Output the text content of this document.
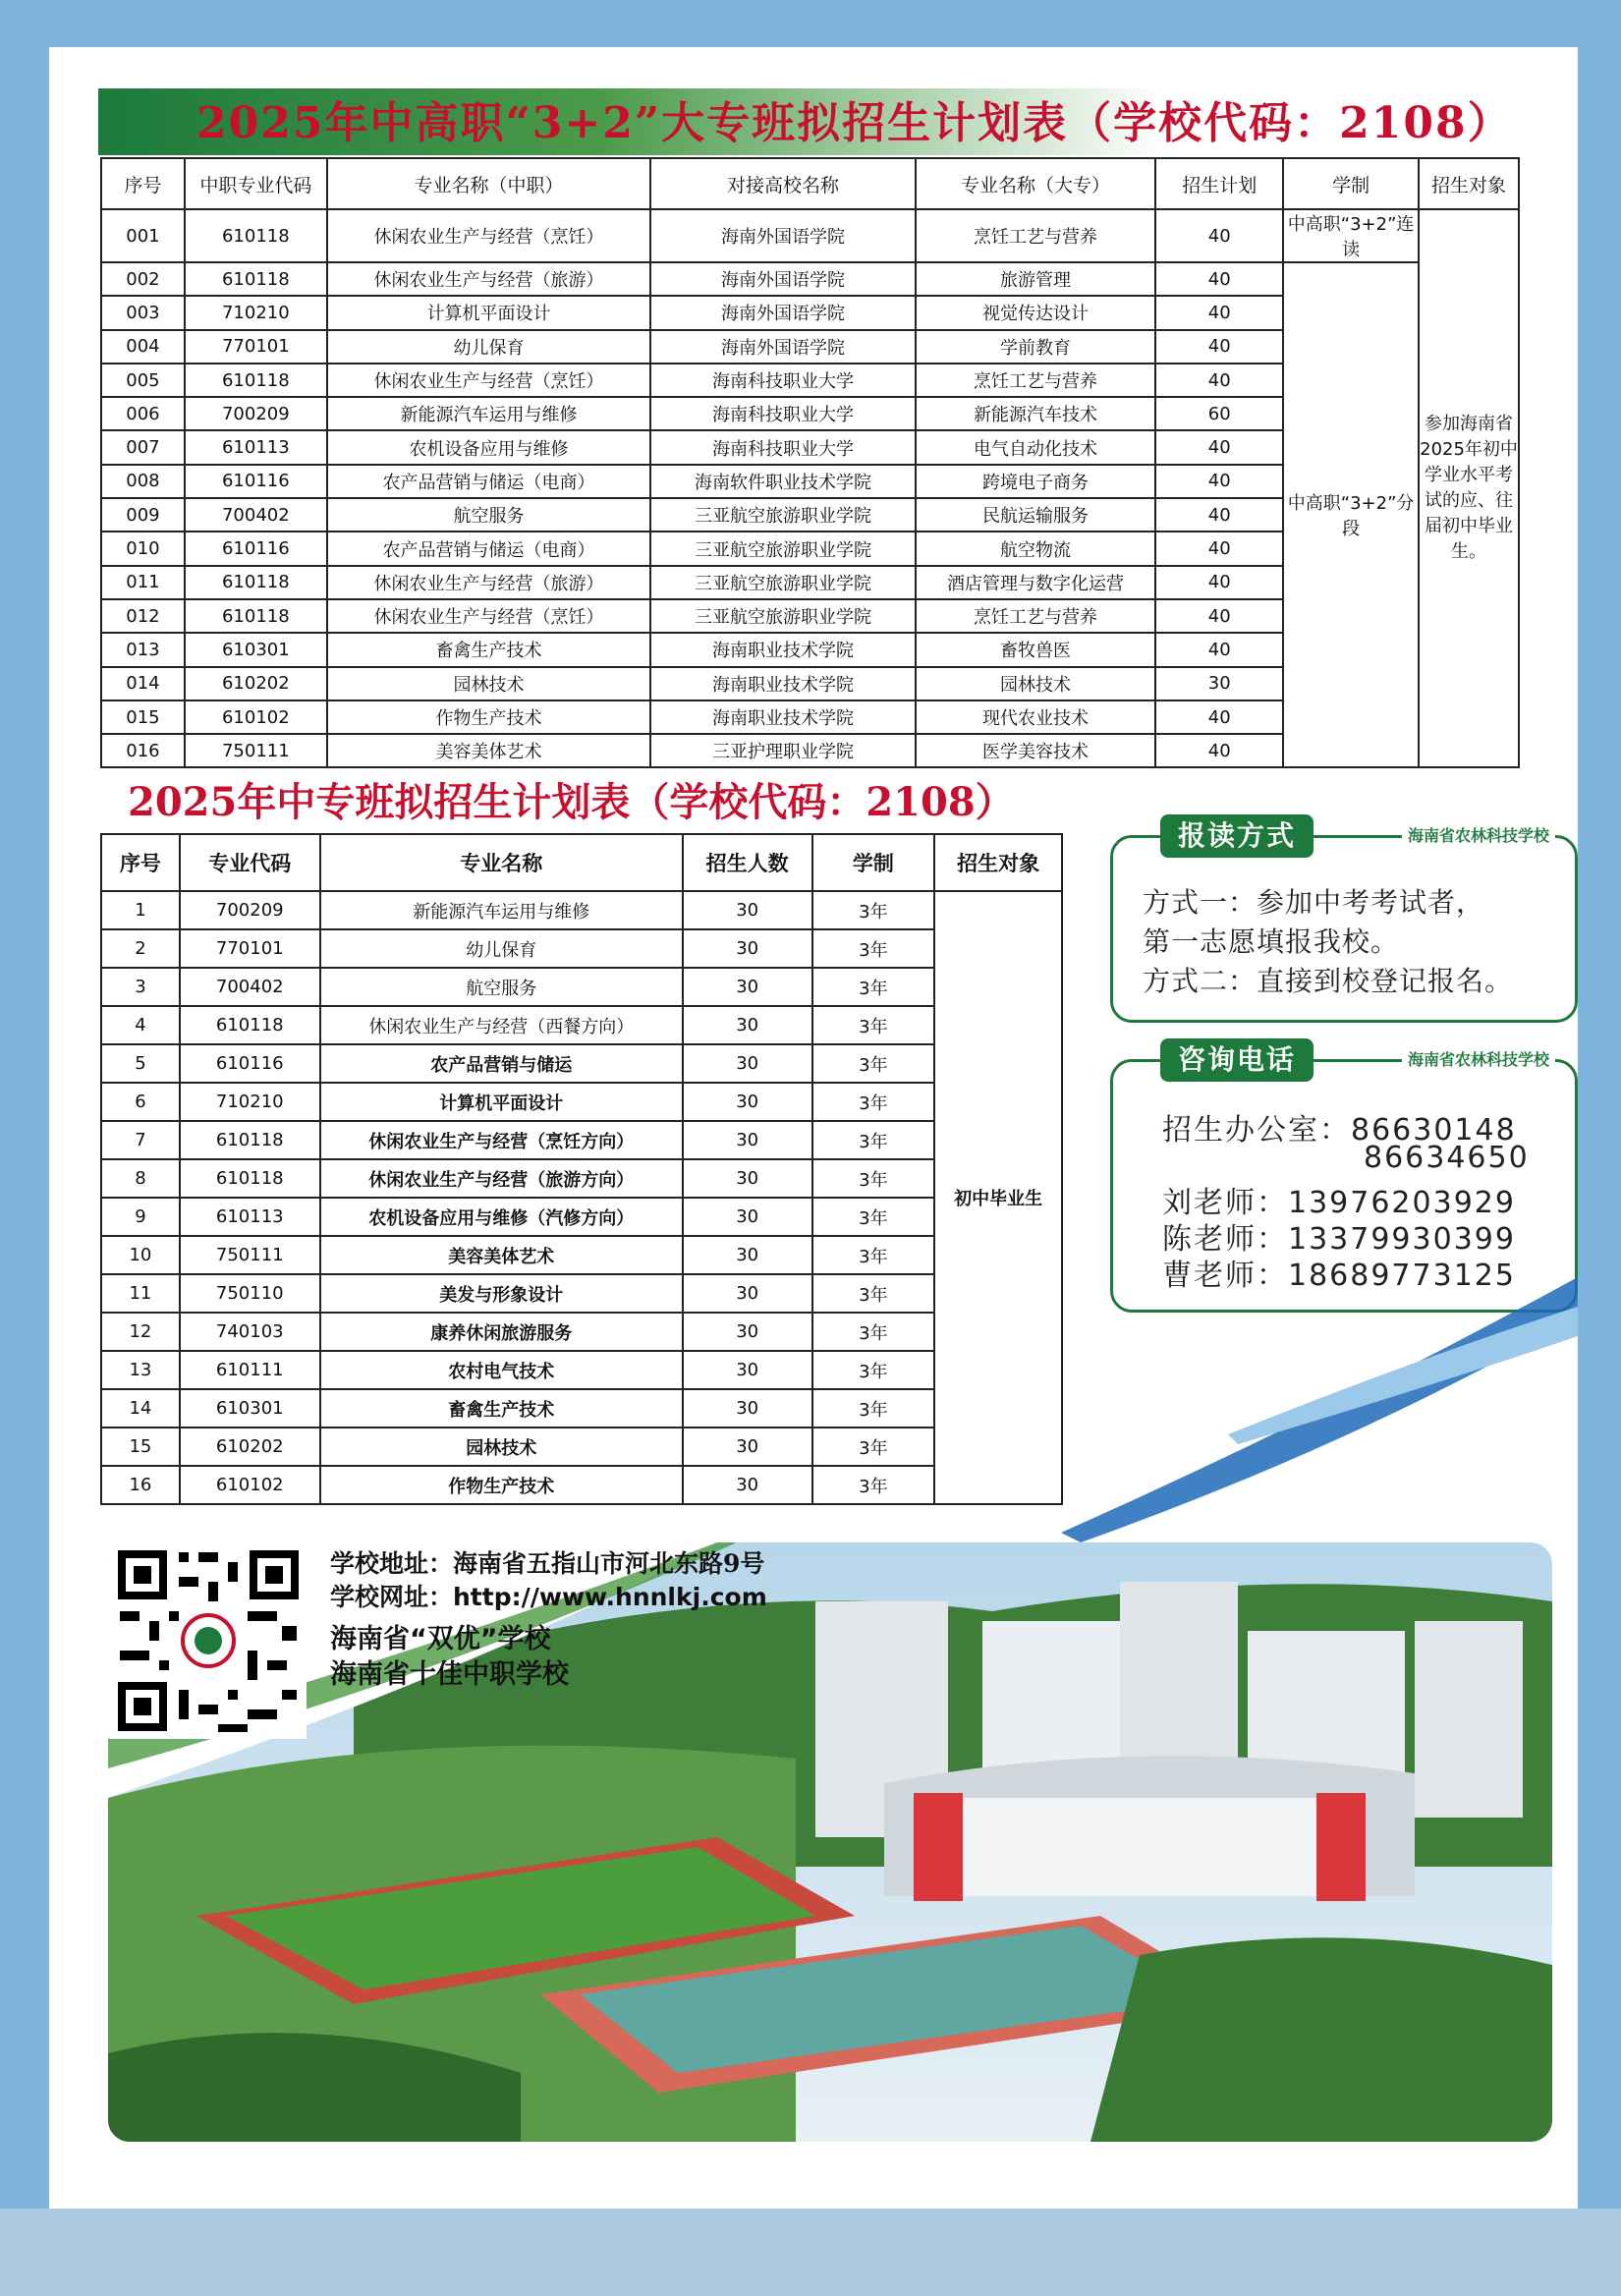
2025年中高职“3+2”大专班拟招生计划表（学校代码：2108）
序号	中职专业代码	专业名称（中职）	对接高校名称	专业名称（大专）	招生计划	学制	招生对象
001	610118	休闲农业生产与经营（烹饪）	海南外国语学院	烹饪工艺与营养	40	中高职“3+2”连读	参加海南省2025年初中学业水平考试的应、往届初中毕业生。
002	610118	休闲农业生产与经营（旅游）	海南外国语学院	旅游管理	40	中高职“3+2”分段	
003	710210	计算机平面设计	海南外国语学院	视觉传达设计	40		
004	770101	幼儿保育	海南外国语学院	学前教育	40		
005	610118	休闲农业生产与经营（烹饪）	海南科技职业大学	烹饪工艺与营养	40		
006	700209	新能源汽车运用与维修	海南科技职业大学	新能源汽车技术	60		
007	610113	农机设备应用与维修	海南科技职业大学	电气自动化技术	40		
008	610116	农产品营销与储运（电商）	海南软件职业技术学院	跨境电子商务	40		
009	700402	航空服务	三亚航空旅游职业学院	民航运输服务	40		
010	610116	农产品营销与储运（电商）	三亚航空旅游职业学院	航空物流	40		
011	610118	休闲农业生产与经营（旅游）	三亚航空旅游职业学院	酒店管理与数字化运营	40		
012	610118	休闲农业生产与经营（烹饪）	三亚航空旅游职业学院	烹饪工艺与营养	40		
013	610301	畜禽生产技术	海南职业技术学院	畜牧兽医	40		
014	610202	园林技术	海南职业技术学院	园林技术	30		
015	610102	作物生产技术	海南职业技术学院	现代农业技术	40		
016	750111	美容美体艺术	三亚护理职业学院	医学美容技术	40		
2025年中专班拟招生计划表（学校代码：2108）
序号	专业代码	专业名称	招生人数	学制	招生对象
1	700209	新能源汽车运用与维修	30	3年	初中毕业生
2	770101	幼儿保育	30	3年	
3	700402	航空服务	30	3年	
4	610118	休闲农业生产与经营（西餐方向）	30	3年	
5	610116	农产品营销与储运	30	3年	
6	710210	计算机平面设计	30	3年	
7	610118	休闲农业生产与经营（烹饪方向）	30	3年	
8	610118	休闲农业生产与经营（旅游方向）	30	3年	
9	610113	农机设备应用与维修（汽修方向）	30	3年	
10	750111	美容美体艺术	30	3年	
11	750110	美发与形象设计	30	3年	
12	740103	康养休闲旅游服务	30	3年	
13	610111	农村电气技术	30	3年	
14	610301	畜禽生产技术	30	3年	
15	610202	园林技术	30	3年	
16	610102	作物生产技术	30	3年	
报读方式	海南省农林科技学校
方式一：参加中考考试者，
第一志愿填报我校。
方式二：直接到校登记报名。
咨询电话	海南省农林科技学校
招生办公室：86630148
86634650
刘老师：13976203929
陈老师：13379930399
曹老师：18689773125
学校地址：海南省五指山市河北东路9号
学校网址：http://www.hnnlkj.com
海南省“双优”学校
海南省十佳中职学校
